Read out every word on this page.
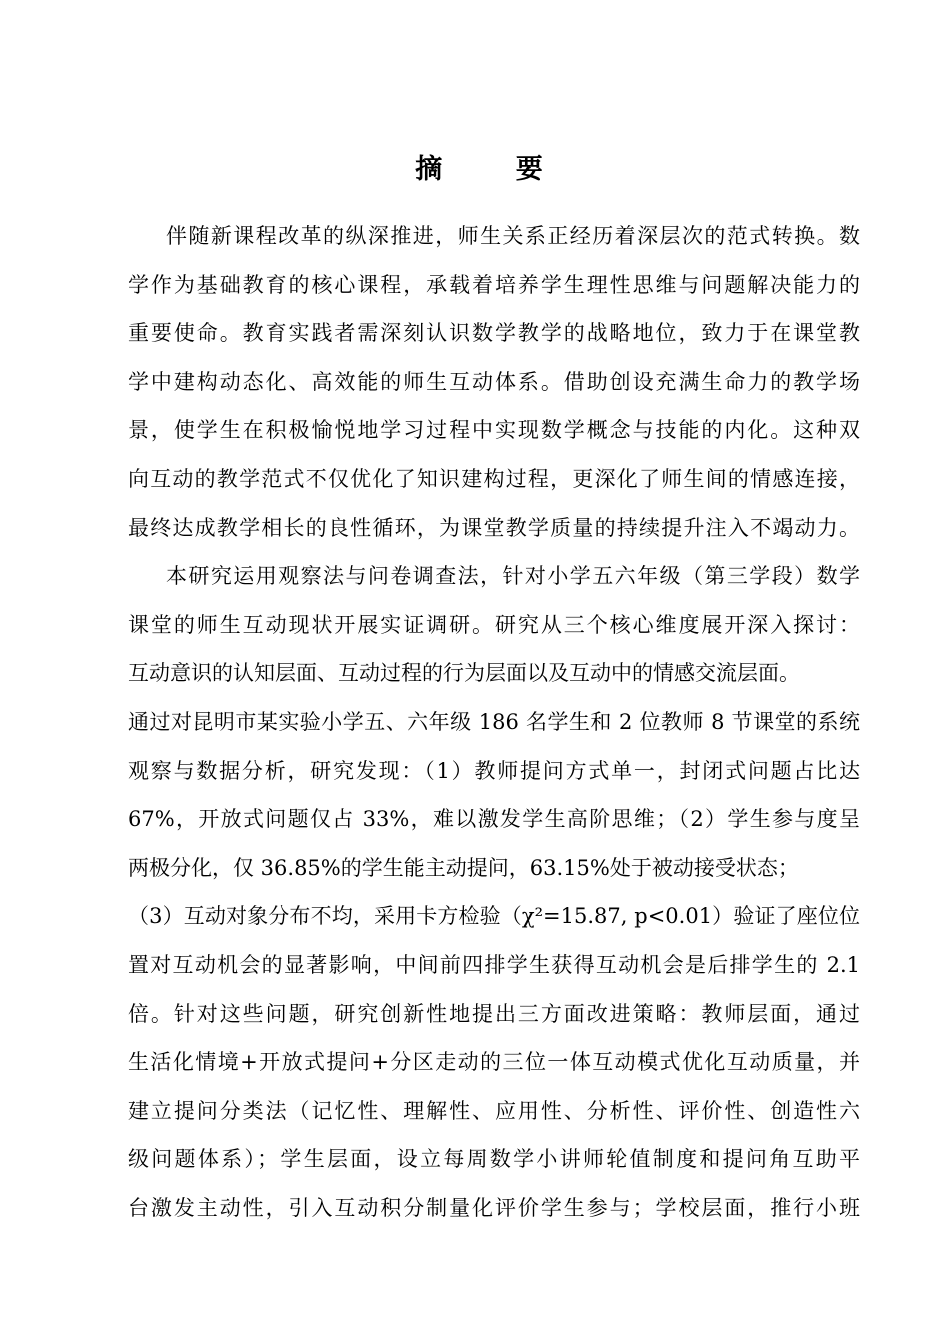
摘 要
伴随新课程改革的纵深推进，师生关系正经历着深层次的范式转换。数
学作为基础教育的核心课程，承载着培养学生理性思维与问题解决能力的
重要使命。教育实践者需深刻认识数学教学的战略地位，致力于在课堂教
学中建构动态化、高效能的师生互动体系。借助创设充满生命力的教学场
景，使学生在积极愉悦地学习过程中实现数学概念与技能的内化。这种双
向互动的教学范式不仅优化了知识建构过程，更深化了师生间的情感连接，
最终达成教学相长的良性循环，为课堂教学质量的持续提升注入不竭动力。
本研究运用观察法与问卷调查法，针对小学五六年级（第三学段）数学
课堂的师生互动现状开展实证调研。研究从三个核心维度展开深入探讨：
互动意识的认知层面、互动过程的行为层面以及互动中的情感交流层面。
通过对昆明市某实验小学五、六年级 186 名学生和 2 位教师 8 节课堂的系统
观察与数据分析，研究发现：（1）教师提问方式单一，封闭式问题占比达
67%，开放式问题仅占 33%，难以激发学生高阶思维；（2）学生参与度呈
两极分化，仅 36.85%的学生能主动提问，63.15%处于被动接受状态；
（3）互动对象分布不均，采用卡方检验（χ²=15.87, p<0.01）验证了座位位
置对互动机会的显著影响，中间前四排学生获得互动机会是后排学生的 2.1
倍。针对这些问题，研究创新性地提出三方面改进策略：教师层面，通过
生活化情境+开放式提问+分区走动的三位一体互动模式优化互动质量，并
建立提问分类法（记忆性、理解性、应用性、分析性、评价性、创造性六
级问题体系）；学生层面，设立每周数学小讲师轮值制度和提问角互助平
台激发主动性，引入互动积分制量化评价学生参与；学校层面，推行小班
